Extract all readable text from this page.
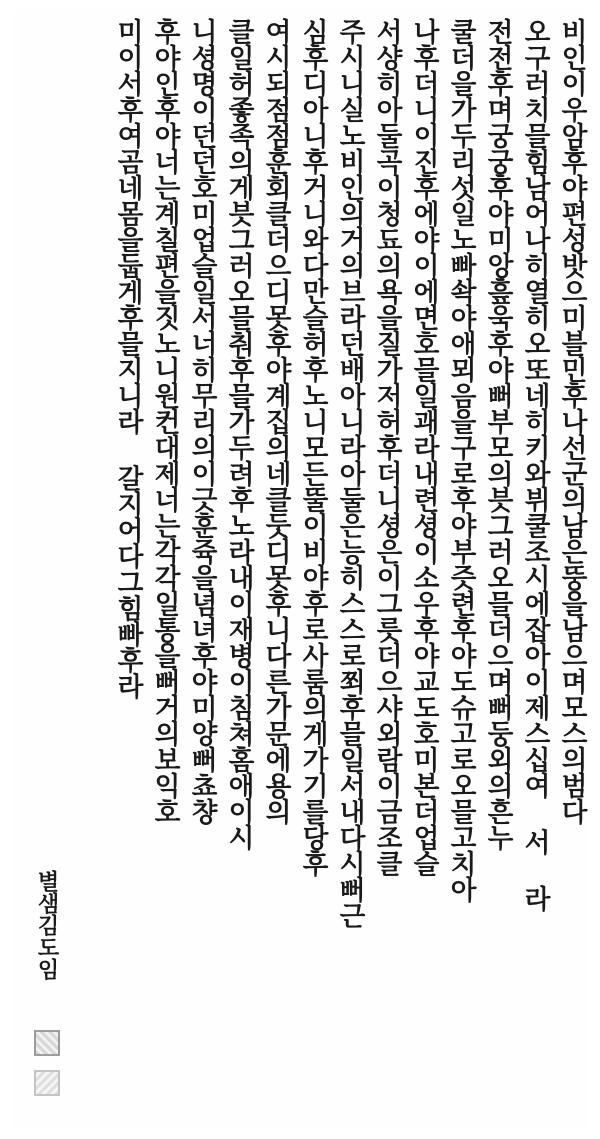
비인이우암후야편성밧으미블민후나선군의남은뚱을남으며모스의범다
오구러치믈힘남어나히열히오또네히키와뷔쿨조시에잡아이제스십여 서 라
전전후며궁궁후야미앙흪욱후야뻐부모의븟그러오믈더으며뻐둥외의흔누
쿨더을가두리섯일노빠솩야애뫼음을구로후야부즛련후야도슈고로오믈고치아
나후더니이진후에야이에면호믈일괘라내련셩이소우후야교도호미본더업슬
서샹히아둘곡이청됴의욕을질가저허후더니셩은이그릇더으샤외람이금조클
주시니실노비인의거의브라던배아니라아둘은능히스스로쬐후믈일서내다시뻐근
심후디아니후거니와다만슬허후노니모든뚤이비야후로사룸의게가기를당후
여시되점점훈회클더으디못후야계집의네클둣디못후니다른가문에용의
클일허좋족의게븟그러오믈춰후믈가두려후노라내이재병이침쳐홈애이시
니셩명이던던호미업슬일서너히무리의이긋훈쥭을념녀후야미양뻐쵸챵
후야인후야너는계칠편을짓노니원컨대제너는각각일통을뻐거의보익호
미이서후여곰네몸을둡게후믈지니라 갈지어다그힘빠후라
별샘김도임
